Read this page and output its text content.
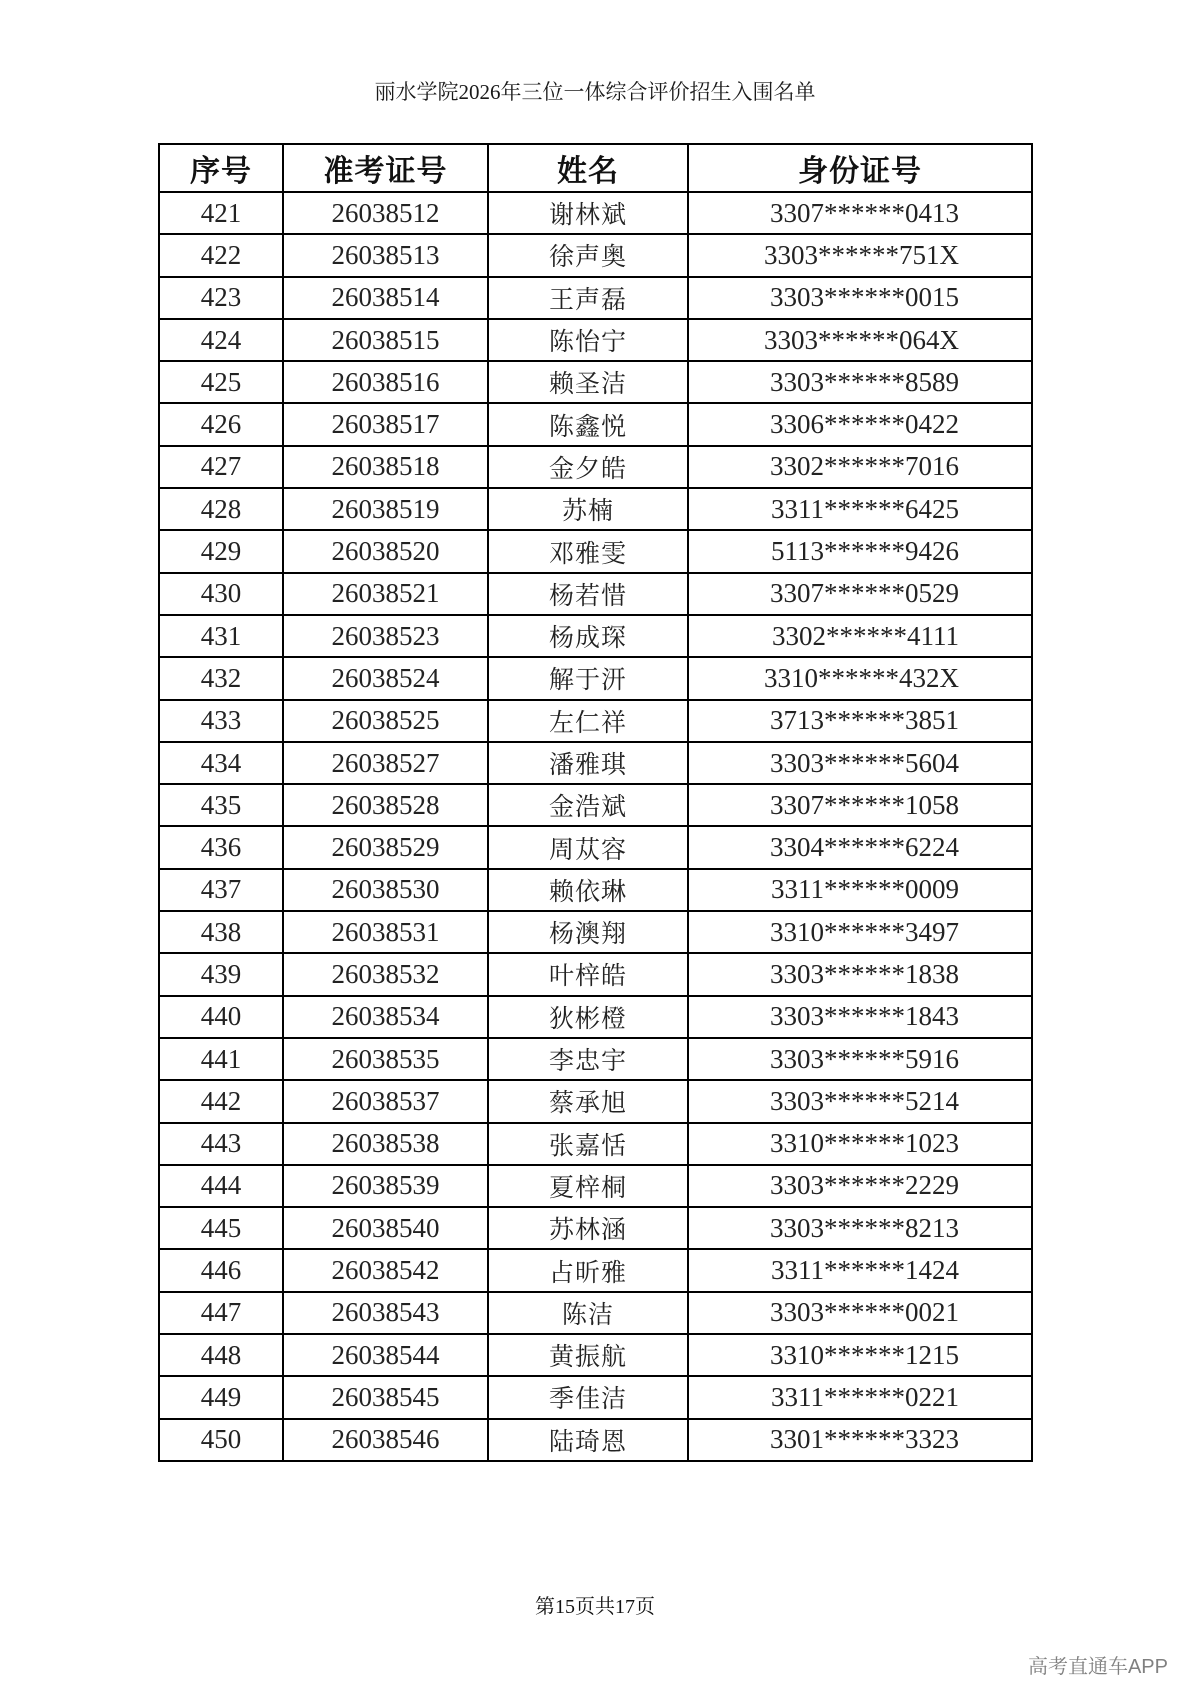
丽水学院2026年三位一体综合评价招生入围名单
序号	准考证号	姓名	身份证号
421	26038512	谢林斌	3307******0413
422	26038513	徐声奥	3303******751X
423	26038514	王声磊	3303******0015
424	26038515	陈怡宁	3303******064X
425	26038516	赖圣洁	3303******8589
426	26038517	陈鑫悦	3306******0422
427	26038518	金夕皓	3302******7016
428	26038519	苏楠	3311******6425
429	26038520	邓雅雯	5113******9426
430	26038521	杨若惜	3307******0529
431	26038523	杨成琛	3302******4111
432	26038524	解于汧	3310******432X
433	26038525	左仁祥	3713******3851
434	26038527	潘雅琪	3303******5604
435	26038528	金浩斌	3307******1058
436	26038529	周苁容	3304******6224
437	26038530	赖依琳	3311******0009
438	26038531	杨澳翔	3310******3497
439	26038532	叶梓皓	3303******1838
440	26038534	狄彬橙	3303******1843
441	26038535	李忠宇	3303******5916
442	26038537	蔡承旭	3303******5214
443	26038538	张嘉恬	3310******1023
444	26038539	夏梓桐	3303******2229
445	26038540	苏林涵	3303******8213
446	26038542	占昕雅	3311******1424
447	26038543	陈洁	3303******0021
448	26038544	黄振航	3310******1215
449	26038545	季佳洁	3311******0221
450	26038546	陆琦恩	3301******3323
第15页共17页
高考直通车APP
